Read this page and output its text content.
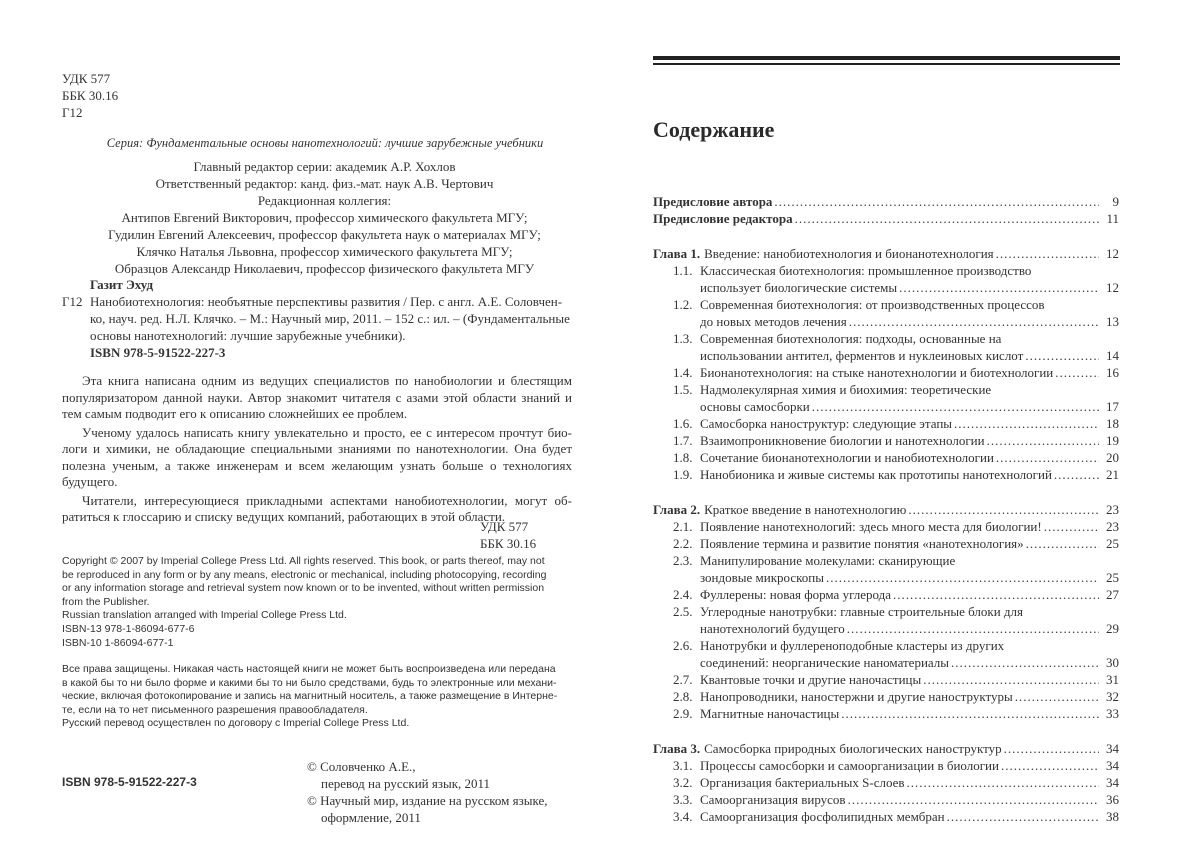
УДК 577
ББК 30.16
Г12
Серия: Фундаментальные основы нанотехнологий: лучшие зарубежные учебники
Главный редактор серии: академик А.Р. Хохлов
Ответственный редактор: канд. физ.-мат. наук А.В. Чертович
Редакционная коллегия:
Антипов Евгений Викторович, профессор химического факультета МГУ;
Гудилин Евгений Алексеевич, профессор факультета наук о материалах МГУ;
Клячко Наталья Львовна, профессор химического факультета МГУ;
Образцов Александр Николаевич, профессор физического факультета МГУ
Газит Эхуд
Г12 Нанобиотехнология: необъятные перспективы развития / Пер. с англ. А.Е. Соловчен-
ко, науч. ред. Н.Л. Клячко. – М.: Научный мир, 2011. – 152 с.: ил. – (Фундаментальные
основы нанотехнологий: лучшие зарубежные учебники).
ISBN 978-5-91522-227-3

Эта книга написана одним из ведущих специалистов по нанобиологии и блестящим популяризатором данной науки. Автор знакомит читателя с азами этой области знаний и тем самым подводит его к описанию сложнейших ее проблем.

Ученому удалось написать книгу увлекательно и просто, ее с интересом прочтут био-логи и химики, не обладающие специальными знаниями по нанотехнологии. Она будет полезна ученым, а также инженерам и всем желающим узнать больше о технологиях будущего.

Читатели, интересующиеся прикладными аспектами нанобиотехнологии, могут об-ратиться к глоссарию и списку ведущих компаний, работающих в этой области.

УДК 577
ББК 30.16
Copyright © 2007 by Imperial College Press Ltd. All rights reserved. This book, or parts thereof, may not
be reproduced in any form or by any means, electronic or mechanical, including photocopying, recording
or any information storage and retrieval system now known or to be invented, without written permission
from the Publisher.
Russian translation arranged with Imperial College Press Ltd.
ISBN-13 978-1-86094-677-6
ISBN-10 1-86094-677-1
Все права защищены. Никакая часть настоящей книги не может быть воспроизведена или передана
в какой бы то ни было форме и какими бы то ни было средствами, будь то электронные или механи-
ческие, включая фотокопирование и запись на магнитный носитель, а также размещение в Интерне-
те, если на то нет письменного разрешения правообладателя.
Русский перевод осуществлен по договору с Imperial College Press Ltd.
ISBN 978-5-91522-227-3
© Соловченко А.Е.,
перевод на русский язык, 2011
© Научный мир, издание на русском языке,
оформление, 2011
Содержание
Предисловие автора .....	9
Предисловие редактора .....	11
Глава 1. Введение: нанобиотехнология и бионанотехнология .....	12
1.1. Классическая биотехнология: промышленное производство
использует биологические системы .....	12
1.2. Современная биотехнология: от производственных процессов
до новых методов лечения .....	13
1.3. Современная биотехнология: подходы, основанные на
использовании антител, ферментов и нуклеиновых кислот .....	14
1.4. Бионанотехнология: на стыке нанотехнологии и биотехнологии .....	16
1.5. Надмолекулярная химия и биохимия: теоретические
основы самосборки .....	17
1.6. Самосборка наноструктур: следующие этапы .....	18
1.7. Взаимопроникновение биологии и нанотехнологии .....	19
1.8. Сочетание бионанотехнологии и нанобиотехнологии .....	20
1.9. Нанобионика и живые системы как прототипы нанотехнологий .....	21
Глава 2. Краткое введение в нанотехнологию .....	23
2.1. Появление нанотехнологий: здесь много места для биологии! .....	23
2.2. Появление термина и развитие понятия «нанотехнология» .....	25
2.3. Манипулирование молекулами: сканирующие
зондовые микроскопы .....	25
2.4. Фуллерены: новая форма углерода .....	27
2.5. Углеродные нанотрубки: главные строительные блоки для
нанотехнологий будущего .....	29
2.6. Нанотрубки и фуллереноподобные кластеры из других
соединений: неорганические наноматериалы .....	30
2.7. Квантовые точки и другие наночастицы .....	31
2.8. Нанопроводники, наностержни и другие наноструктуры .....	32
2.9. Магнитные наночастицы .....	33
Глава 3. Самосборка природных биологических наноструктур .....	34
3.1. Процессы самосборки и самоорганизации в биологии .....	34
3.2. Организация бактериальных S-слоев .....	34
3.3. Самоорганизация вирусов .....	36
3.4. Самоорганизация фосфолипидных мембран .....	38
